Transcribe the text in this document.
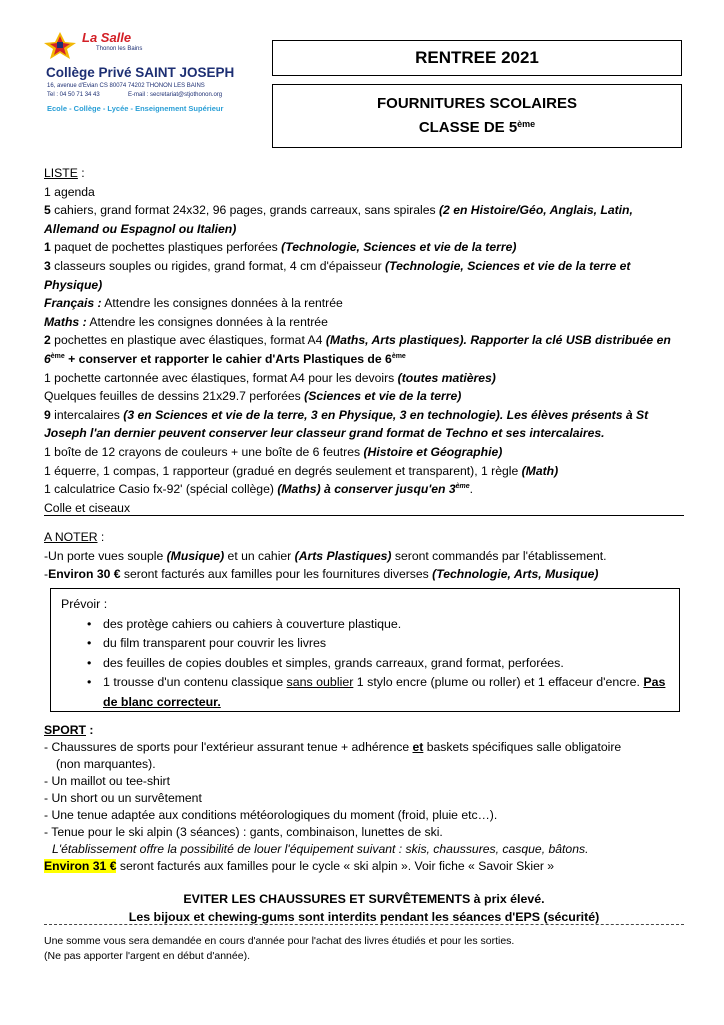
La Salle
Thonon les Bains
Collège Privé SAINT JOSEPH
16, avenue d'Evian CS 80074 74202 THONON LES BAINS
Tel : 04 50 71 34 43	E-mail : secretariat@stjothonon.org
Ecole - Collège - Lycée - Enseignement Supérieur
RENTREE 2021
FOURNITURES SCOLAIRES
CLASSE DE 5ème

LISTE :

1 agenda

5 cahiers, grand format 24x32, 96 pages, grands carreaux, sans spirales (2 en Histoire/Géo, Anglais, Latin, Allemand ou Espagnol ou Italien)

1 paquet de pochettes plastiques perforées (Technologie, Sciences et vie de la terre)

3 classeurs souples ou rigides, grand format, 4 cm d'épaisseur (Technologie, Sciences et vie de la terre et Physique)

Français : Attendre les consignes données à la rentrée

Maths : Attendre les consignes données à la rentrée

2 pochettes en plastique avec élastiques, format A4 (Maths, Arts plastiques). Rapporter la clé USB distribuée en 6ème + conserver et rapporter le cahier d'Arts Plastiques de 6ème

1 pochette cartonnée avec élastiques, format A4 pour les devoirs (toutes matières)

Quelques feuilles de dessins 21x29.7 perforées (Sciences et vie de la terre)

9 intercalaires (3 en Sciences et vie de la terre, 3 en Physique, 3 en technologie). Les élèves présents à St Joseph l'an dernier peuvent conserver leur classeur grand format de Techno et ses intercalaires.

1 boîte de 12 crayons de couleurs + une boîte de 6 feutres (Histoire et Géographie)

1 équerre, 1 compas, 1 rapporteur (gradué en degrés seulement et transparent), 1 règle (Math)

1 calculatrice Casio fx-92' (spécial collège) (Maths) à conserver jusqu'en 3ème.

Colle et ciseaux

A NOTER :

-Un porte vues souple (Musique) et un cahier (Arts Plastiques) seront commandés par l'établissement.

-Environ 30 € seront facturés aux familles pour les fournitures diverses (Technologie, Arts, Musique)

Prévoir :
• des protège cahiers ou cahiers à couverture plastique.
• du film transparent pour couvrir les livres
• des feuilles de copies doubles et simples, grands carreaux, grand format, perforées.
• 1 trousse d'un contenu classique sans oublier 1 stylo encre (plume ou roller) et 1 effaceur d'encre. Pas de blanc correcteur.

SPORT :

- Chaussures de sports pour l'extérieur assurant tenue + adhérence et baskets spécifiques salle obligatoire

(non marquantes).

- Un maillot ou tee-shirt

- Un short ou un survêtement

- Une tenue adaptée aux conditions météorologiques du moment (froid, pluie etc…).

- Tenue pour le ski alpin (3 séances) : gants, combinaison, lunettes de ski.

L'établissement offre la possibilité de louer l'équipement suivant : skis, chaussures, casque, bâtons.

Environ 31 € seront facturés aux familles pour le cycle « ski alpin ». Voir fiche « Savoir Skier »

EVITER LES CHAUSSURES ET SURVÊTEMENTS à prix élevé.
Les bijoux et chewing-gums sont interdits pendant les séances d'EPS (sécurité)

Une somme vous sera demandée en cours d'année pour l'achat des livres étudiés et pour les sorties.

(Ne pas apporter l'argent en début d'année).
